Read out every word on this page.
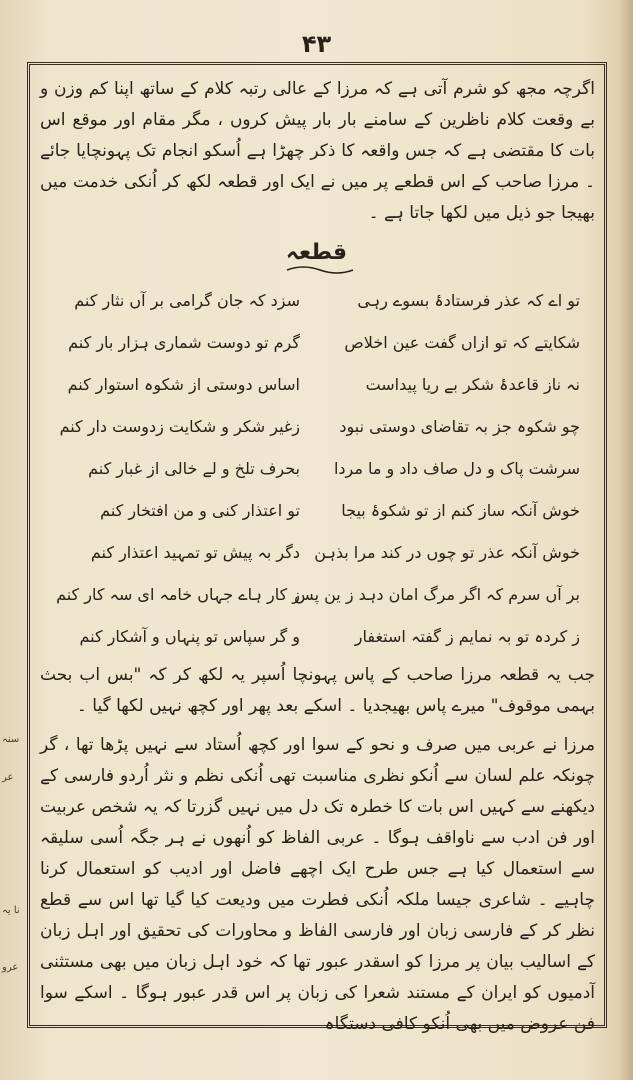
۴۳

اگرچہ مجھ کو شرم آتی ہے کہ مرزا کے عالی رتبہ کلام کے ساتھ اپنا کم وزن و بے وقعت کلام ناظرین کے سامنے بار بار پیش کروں ، مگر مقام اور موقع اس بات کا مقتضی ہے کہ جس واقعہ کا ذکر چھڑا ہے اُسکو انجام تک پہونچایا جائے ۔ مرزا صاحب کے اس قطعے پر میں نے ایک اور قطعہ لکھ کر اُنکی خدمت میں بھیجا جو ذیل میں لکھا جاتا ہے ۔

قطعہ
تو اے کہ عذر فرستادۂ بسوے رہی
سزد کہ جان گرامی بر آں نثار کنم
شکایتے کہ تو ازاں گفت عین اخلاص
گرم تو دوست شماری ہزار بار کنم
نہ ناز قاعدۂ شکر بے ریا پیداست
اساس دوستی از شکوہ استوار کنم
چو شکوہ جز بہ تقاضای دوستی نبود
زغیر شکر و شکایت زدوست دار کنم
سرشت پاک و دل صاف داد و ما مردا
بحرف تلخ و لے خالی از غبار کنم
خوش آنکہ ساز کنم از تو شکوۂ بیجا
تو اعتذار کنی و من افتخار کنم
خوش آنکہ عذر تو چوں در کند مرا بذہن
دگر بہ پیش تو تمہید اعتذار کنم
بر آں سرم کہ اگر مرگ امان دہد ز ین پس
ز کار ہاے جہاں خامہ ای سہ کار کنم
ز کردہ تو بہ نمایم ز گفتہ استغفار
و گر سپاس تو پنہاں و آشکار کنم

جب یہ قطعہ مرزا صاحب کے پاس پہونچا اُسپر یہ لکھ کر کہ "بس اب بحث بہمی موقوف" میرے پاس بھیجدیا ۔ اسکے بعد پھر اور کچھ نہیں لکھا گیا ۔

مرزا نے عربی میں صرف و نحو کے سوا اور کچھ اُستاد سے نہیں پڑھا تھا ، گر چونکہ علم لسان سے اُنکو نظری مناسبت تھی اُنکی نظم و نثر اُردو فارسی کے دیکھنے سے کہیں اس بات کا خطرہ تک دل میں نہیں گزرتا کہ یہ شخص عربیت اور فن ادب سے ناواقف ہوگا ۔ عربی الفاظ کو اُنھوں نے ہر جگہ اُسی سلیقہ سے استعمال کیا ہے جس طرح ایک اچھے فاضل اور ادیب کو استعمال کرنا چاہیے ۔ شاعری جیسا ملکہ اُنکی فطرت میں ودیعت کیا گیا تھا اس سے قطع نظر کر کے فارسی زبان اور فارسی الفاظ و محاورات کی تحقیق اور اہل زبان کے اسالیب بیان پر مرزا کو اسقدر عبور تھا کہ خود اہل زبان میں بھی مستثنی آدمیوں کو ایران کے مستند شعرا کی زبان پر اس قدر عبور ہوگا ۔ اسکے سوا فن عروض میں بھی اُنکو کافی دستگاہ

سنہ
عر
نا یہ
عرو
